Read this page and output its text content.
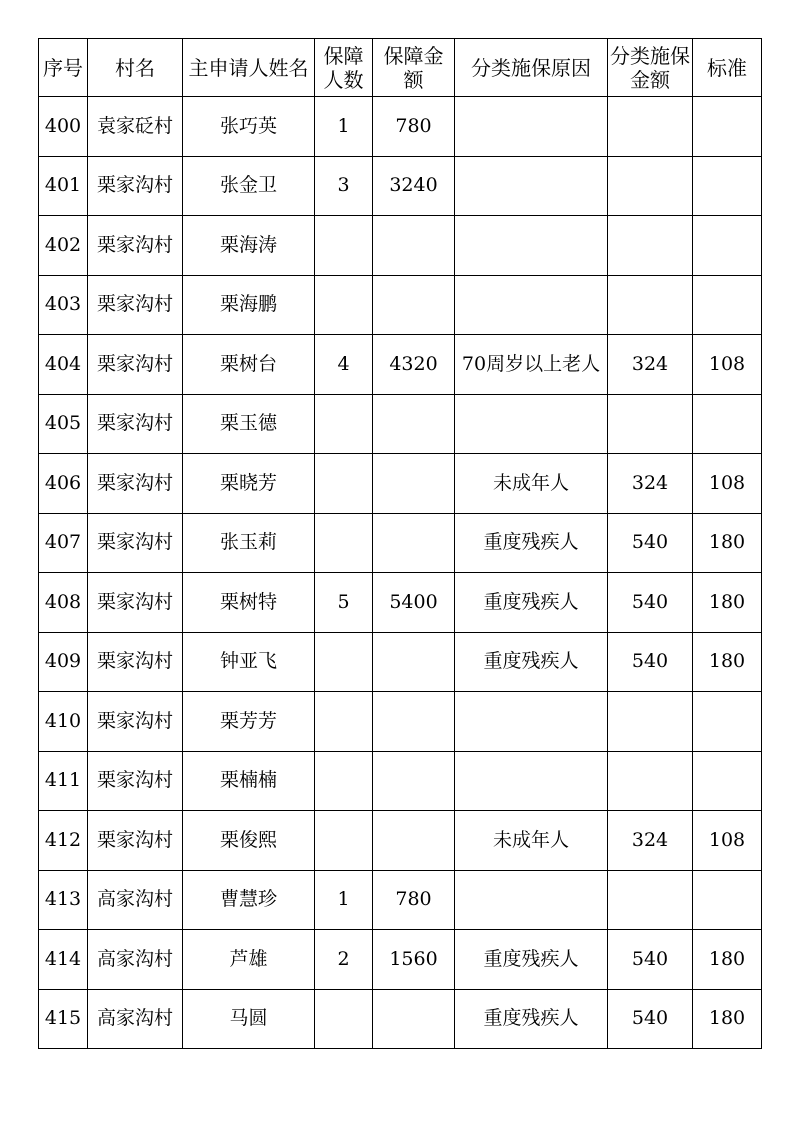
序号	村名	主申请人姓名	保障人数	保障金额	分类施保原因	分类施保金额	标准
400	袁家砭村	张巧英	1	780			
401	栗家沟村	张金卫	3	3240			
402	栗家沟村	栗海涛					
403	栗家沟村	栗海鹏					
404	栗家沟村	栗树台	4	4320	70周岁以上老人	324	108
405	栗家沟村	栗玉德					
406	栗家沟村	栗晓芳			未成年人	324	108
407	栗家沟村	张玉莉			重度残疾人	540	180
408	栗家沟村	栗树特	5	5400	重度残疾人	540	180
409	栗家沟村	钟亚飞			重度残疾人	540	180
410	栗家沟村	栗芳芳					
411	栗家沟村	栗楠楠					
412	栗家沟村	栗俊熙			未成年人	324	108
413	高家沟村	曹慧珍	1	780			
414	高家沟村	芦雄	2	1560	重度残疾人	540	180
415	高家沟村	马圆			重度残疾人	540	180
